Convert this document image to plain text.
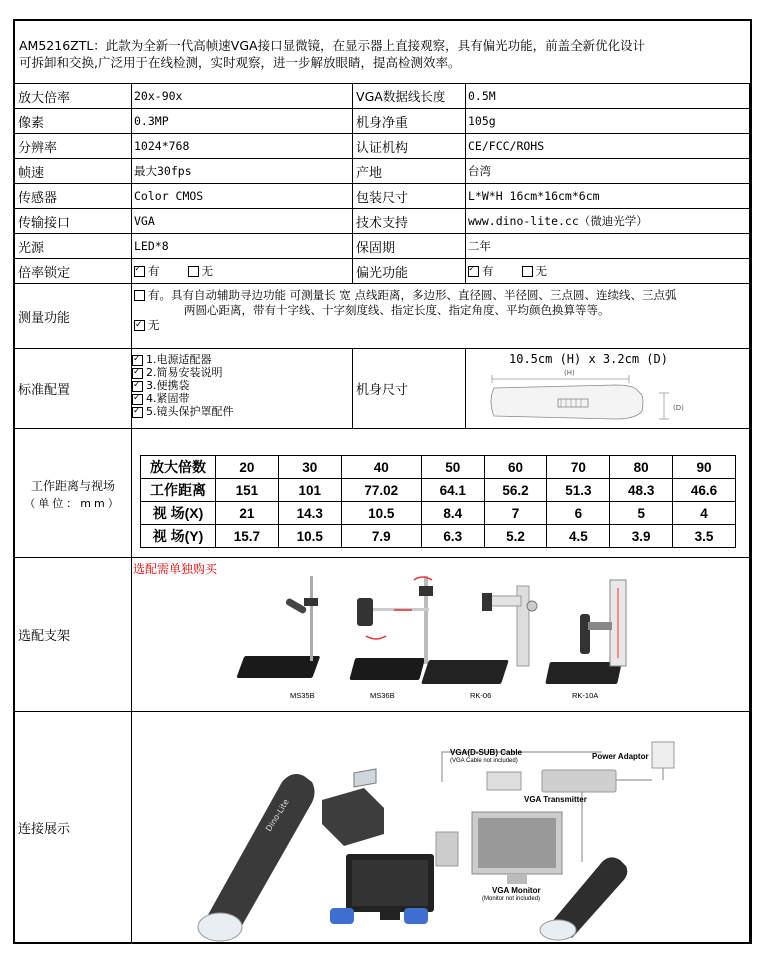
AM5216ZTL：此款为全新一代高帧速VGA接口显微镜，在显示器上直接观察，具有偏光功能，前盖全新优化设计
可拆卸和交换,广泛用于在线检测，实时观察，进一步解放眼睛，提高检测效率。
放大倍率	20x-90x	VGA数据线长度	0.5M
像素	0.3MP	机身净重	105g
分辨率	1024*768	认证机构	CE/FCC/ROHS
帧速	最大30fps	产地	台湾
传感器	Color CMOS	包装尺寸	L*W*H 16cm*16cm*6cm
传输接口	VGA	技术支持	www.dino-lite.cc（微迪光学）
光源	LED*8	保固期	二年
倍率锁定 ✓	有	无	偏光功能 ✓	有	无
测量功能
有。具有自动辅助寻边功能 可测量长 宽 点线距离，多边形、直径圆、半径圆、三点圆、连续线、三点弧
两圆心距离，带有十字线、十字刻度线、指定长度、指定角度、平均颜色换算等等。
✓无
标准配置
✓1.电源适配器
✓2.简易安装说明
✓3.便携袋
✓4.紧固带
✓5.镜头保护罩配件
机身尺寸
10.5cm (H) x 3.2cm (D)
(H)
(D)
工作距离与视场
（单位：mm）
放大倍数	20	30	40	50	60	70	80	90
工作距离	151	101	77.02	64.1	56.2	51.3	48.3	46.6
视 场(X)	21	14.3	10.5	8.4	7	6	5	4
视 场(Y)	15.7	10.5	7.9	6.3	5.2	4.5	3.9	3.5
选配支架
选配需单独购买
MS35B	MS36B	RK-06	RK-10A
连接展示	Dino-Lite
VGA(D-SUB) Cable
(VGA Cable not included)	Power Adaptor
VGA Transmitter
VGA Monitor
(Monitor not included)
